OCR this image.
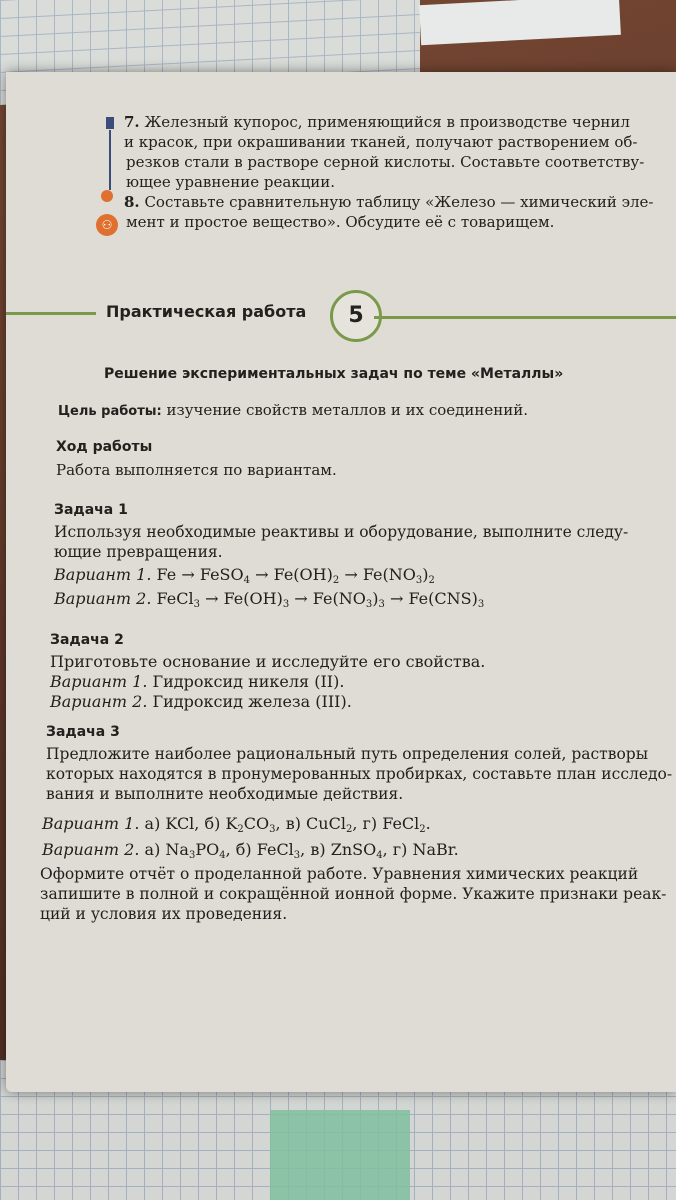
⚇
7. Железный купорос, применяющийся в производстве чернил
и красок, при окрашивании тканей, получают растворением об-
резков стали в растворе серной кислоты. Составьте соответству-
ющее уравнение реакции.
8. Составьте сравнительную таблицу «Железо — химический эле-
мент и простое вещество». Обсудите её с товарищем.
Практическая работа	5
Решение экспериментальных задач по теме «Металлы»
Цель работы: изучение свойств металлов и их соединений.
Ход работы
Работа выполняется по вариантам.
Задача 1
Используя необходимые реактивы и оборудование, выполните следу-
ющие превращения.
Вариант 1. Fe → FeSO$_4$ → $Fe(OH)_2 \to Fe(NO_3)_2$
Вариант 2. FeCl$_3$ → $Fe(OH)_3 \to Fe(NO_3)_3 \to Fe(CNS)_3$
Задача 2
Приготовьте основание и исследуйте его свойства.
Вариант 1. Гидроксид никеля (II).
Вариант 2. Гидроксид железа (III).
Задача 3
Предложите наиболее рациональный путь определения солей, растворы
которых находятся в пронумерованных пробирках, составьте план исследо-
вания и выполните необходимые действия.
Вариант 1. а) KCl, б) $K_2CO_3$, в) CuCl$_2$, г) FeCl$_2$.
Вариант 2. а) $Na_3PO_4$, б) FeCl$_3$, в) ZnSO$_4$, г) NaBr.
Оформите отчёт о проделанной работе. Уравнения химических реакций
запишите в полной и сокращённой ионной форме. Укажите признаки реак-
ций и условия их проведения.
